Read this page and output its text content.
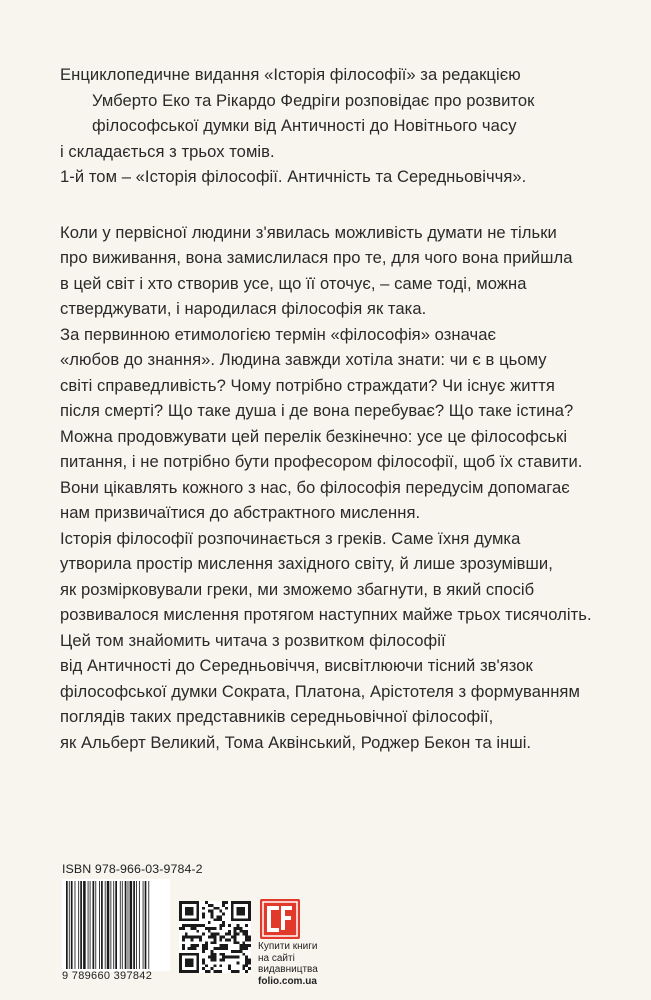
Енциклопедичне видання «Історія філософії» за редакцією
Умберто Еко та Рікардо Федріги розповідає про розвиток
філософської думки від Античності до Новітнього часу
і складається з трьох томів.
1-й том – «Історія філософії. Античність та Середньовіччя».
Коли у первісної людини з'явилась можливість думати не тільки
про виживання, вона замислилася про те, для чого вона прийшла
в цей світ і хто створив усе, що її оточує, – саме тоді, можна
стверджувати, і народилася філософія як така.
За первинною етимологією термін «філософія» означає
«любов до знання». Людина завжди хотіла знати: чи є в цьому
світі справедливість? Чому потрібно страждати? Чи існує життя
після смерті? Що таке душа і де вона перебуває? Що таке істина?
Можна продовжувати цей перелік безкінечно: усе це філософські
питання, і не потрібно бути професором філософії, щоб їх ставити.
Вони цікавлять кожного з нас, бо філософія передусім допомагає
нам призвичаїтися до абстрактного мислення.
Історія філософії розпочинається з греків. Саме їхня думка
утворила простір мислення західного світу, й лише зрозумівши,
як розмірковували греки, ми зможемо збагнути, в який спосіб
розвивалося мислення протягом наступних майже трьох тисячоліть.
Цей том знайомить читача з розвитком філософії
від Античності до Середньовіччя, висвітлюючи тісний зв'язок
філософської думки Сократа, Платона, Арістотеля з формуванням
поглядів таких представників середньовічної філософії,
як Альберт Великий, Тома Аквінський, Роджер Бекон та інші.
ISBN 978-966-03-9784-2
9 789660 397842
Купити книги
на сайті
видавництва
folio.com.ua
